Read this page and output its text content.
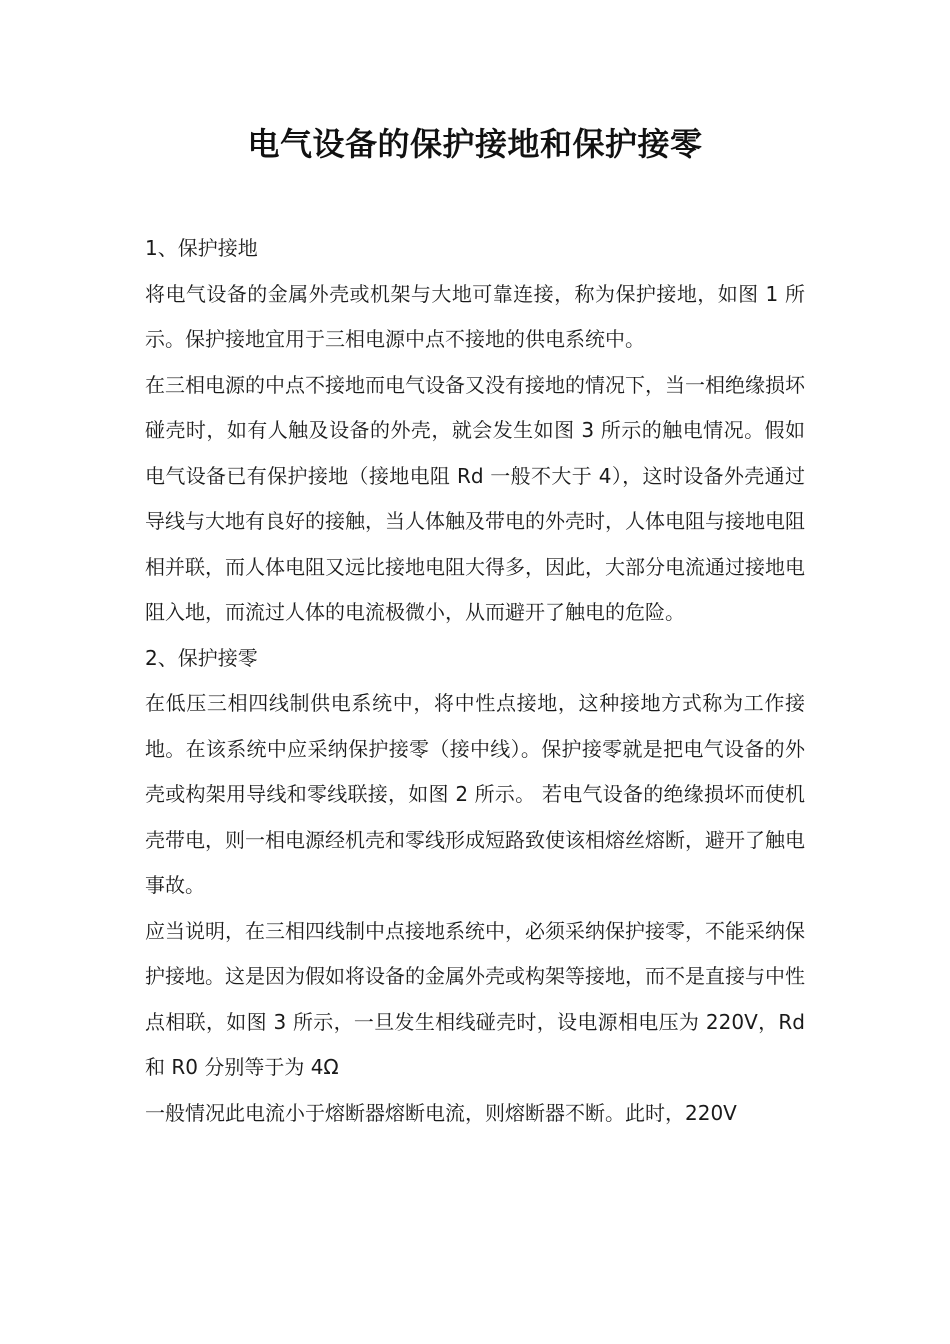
电气设备的保护接地和保护接零

1、保护接地

将电气设备的金属外壳或机架与大地可靠连接，称为保护接地，如图 1 所示。保护接地宜用于三相电源中点不接地的供电系统中。

在三相电源的中点不接地而电气设备又没有接地的情况下，当一相绝缘损坏碰壳时，如有人触及设备的外壳，就会发生如图 3 所示的触电情况。假如电气设备已有保护接地（接地电阻 Rd 一般不大于 4），这时设备外壳通过导线与大地有良好的接触，当人体触及带电的外壳时，人体电阻与接地电阻相并联，而人体电阻又远比接地电阻大得多，因此，大部分电流通过接地电阻入地，而流过人体的电流极微小，从而避开了触电的危险。

2、保护接零

在低压三相四线制供电系统中，将中性点接地，这种接地方式称为工作接地。在该系统中应采纳保护接零（接中线）。保护接零就是把电气设备的外壳或构架用导线和零线联接，如图 2 所示。 若电气设备的绝缘损坏而使机壳带电，则一相电源经机壳和零线形成短路致使该相熔丝熔断，避开了触电事故。

应当说明，在三相四线制中点接地系统中，必须采纳保护接零，不能采纳保护接地。这是因为假如将设备的金属外壳或构架等接地，而不是直接与中性点相联，如图 3 所示，一旦发生相线碰壳时，设电源相电压为 220V，Rd 和 R0 分别等于为 4Ω

一般情况此电流小于熔断器熔断电流，则熔断器不断。此时，220V
